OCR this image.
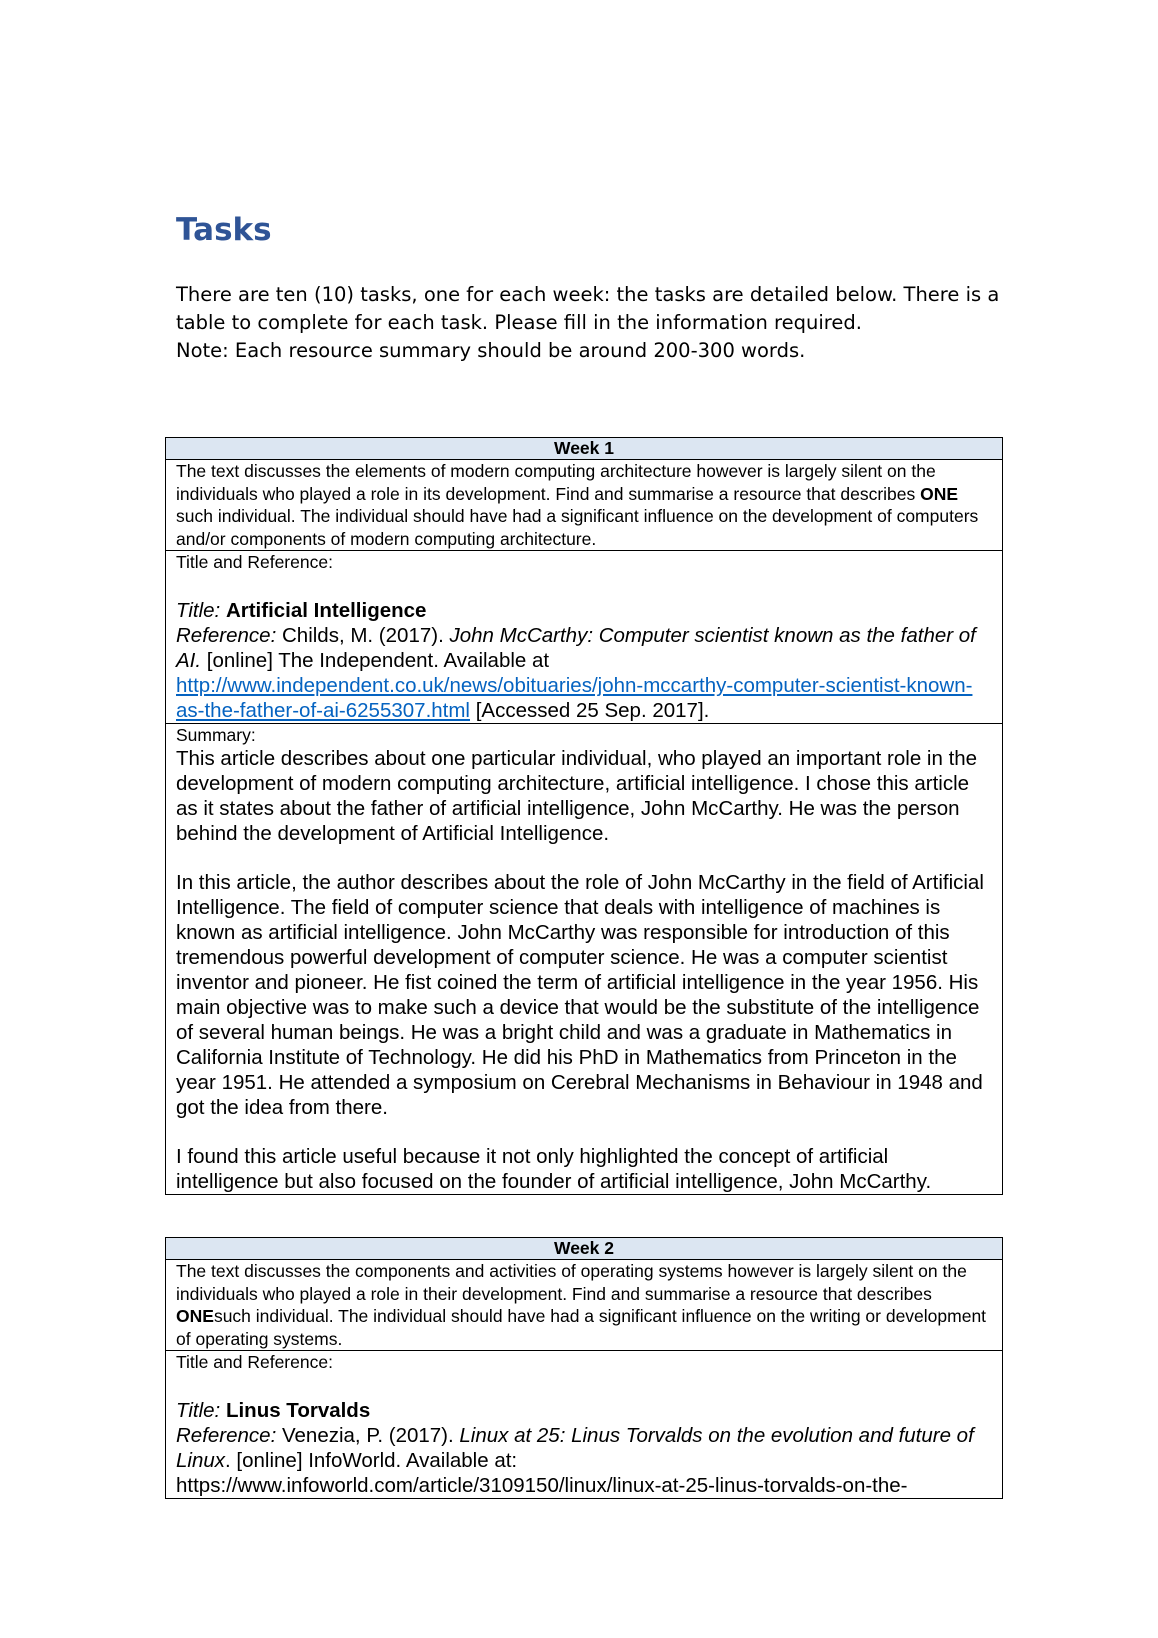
Tasks

There are ten (10) tasks, one for each week: the tasks are detailed below. There is a table to complete for each task. Please fill in the information required.

Note: Each resource summary should be around 200-300 words.

Week 1
The text discusses the elements of modern computing architecture however is largely silent on the individuals who played a role in its development. Find and summarise a resource that describes ONE such individual. The individual should have had a significant influence on the development of computers and/or components of modern computing architecture.

Title and Reference:
Title: Artificial Intelligence
Reference: Childs, M. (2017). John McCarthy: Computer scientist known as the father of AI. [online] The Independent. Available at http://www.independent.co.uk/news/obituaries/john-mccarthy-computer-scientist-known-as-the-father-of-ai-6255307.html [Accessed 25 Sep. 2017].

Summary:
This article describes about one particular individual, who played an important role in the development of modern computing architecture, artificial intelligence. I chose this article as it states about the father of artificial intelligence, John McCarthy. He was the person behind the development of Artificial Intelligence.
In this article, the author describes about the role of John McCarthy in the field of Artificial Intelligence. The field of computer science that deals with intelligence of machines is known as artificial intelligence. John McCarthy was responsible for introduction of this tremendous powerful development of computer science. He was a computer scientist inventor and pioneer. He fist coined the term of artificial intelligence in the year 1956. His main objective was to make such a device that would be the substitute of the intelligence of several human beings. He was a bright child and was a graduate in Mathematics in California Institute of Technology. He did his PhD in Mathematics from Princeton in the year 1951. He attended a symposium on Cerebral Mechanisms in Behaviour in 1948 and got the idea from there.
I found this article useful because it not only highlighted the concept of artificial intelligence but also focused on the founder of artificial intelligence, John McCarthy.
Week 2
The text discusses the components and activities of operating systems however is largely silent on the individuals who played a role in their development. Find and summarise a resource that describes ONEsuch individual. The individual should have had a significant influence on the writing or development of operating systems.

Title and Reference:
Title: Linus Torvalds
Reference: Venezia, P. (2017). Linux at 25: Linus Torvalds on the evolution and future of Linux. [online] InfoWorld. Available at: https://www.infoworld.com/article/3109150/linux/linux-at-25-linus-torvalds-on-the-
